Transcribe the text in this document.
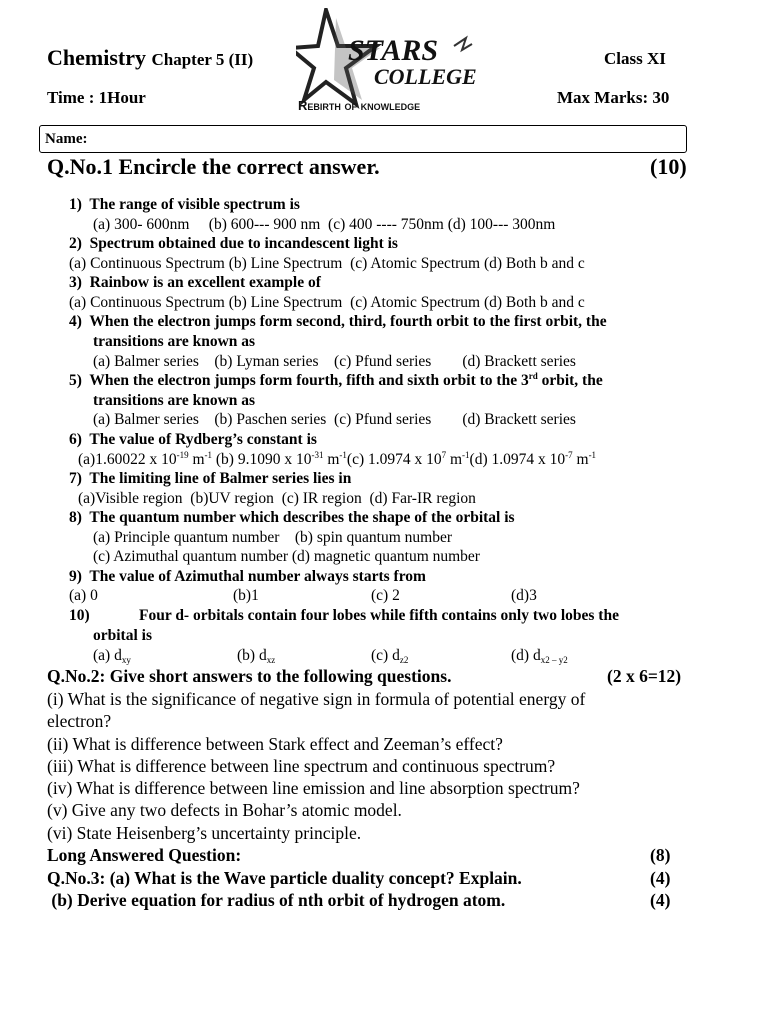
Chemistry Chapter 5 (II)	Class XI
Time : 1Hour	Max Marks: 30
STARS
COLLEGE
Rebirth of knowledge
Name:
Q.No.1 Encircle the correct answer.	(10)
1) The range of visible spectrum is
(a) 300- 600nm (b) 600--- 900 nm (c) 400 ---- 750nm (d) 100--- 300nm
2) Spectrum obtained due to incandescent light is
(a) Continuous Spectrum (b) Line Spectrum (c) Atomic Spectrum (d) Both b and c
3) Rainbow is an excellent example of
(a) Continuous Spectrum (b) Line Spectrum (c) Atomic Spectrum (d) Both b and c
4) When the electron jumps form second, third, fourth orbit to the first orbit, the
transitions are known as
(a) Balmer series (b) Lyman series (c) Pfund series (d) Brackett series
5) When the electron jumps form fourth, fifth and sixth orbit to the 3rd orbit, the
transitions are known as
(a) Balmer series (b) Paschen series (c) Pfund series (d) Brackett series
6) The value of Rydberg’s constant is
(a)1.60022 x $10^{-19}$ $m^{-1}$ (b) 9.1090 x $10^{-31}$ $m^{-1}(c)$ 1.0974 x $10^7$ $m^{-1}(d)$ 1.0974 x $10^{-7}$ $m^{-1}$
7) The limiting line of Balmer series lies in
(a)Visible region (b)UV region (c) IR region (d) Far-IR region
8) The quantum number which describes the shape of the orbital is
(a) Principle quantum number (b) spin quantum number
(c) Azimuthal quantum number (d) magnetic quantum number
9) The value of Azimuthal number always starts from
(a) 0	(b)1	(c) 2	(d)3
10)	Four d- orbitals contain four lobes while fifth contains only two lobes the
orbital is
(a) $d_{xy}$	(b) $d_{xz}$	(c) $d_{z2}$	(d) $d_{x2 - y2}$
Q.No.2: Give short answers to the following questions.	(2 x 6=12)
(i) What is the significance of negative sign in formula of potential energy of
electron?
(ii) What is difference between Stark effect and Zeeman’s effect?
(iii) What is difference between line spectrum and continuous spectrum?
(iv) What is difference between line emission and line absorption spectrum?
(v) Give any two defects in Bohar’s atomic model.
(vi) State Heisenberg’s uncertainty principle.
Long Answered Question:	(8)
Q.No.3: (a) What is the Wave particle duality concept? Explain.	(4)
(b) Derive equation for radius of nth orbit of hydrogen atom.	(4)
